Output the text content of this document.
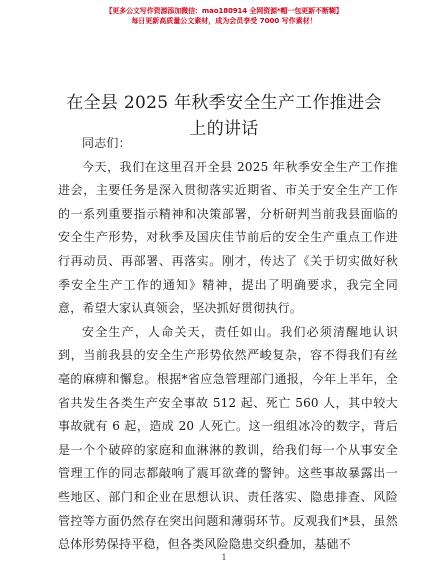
【更多公文写作资源添加微信：mao180914 全网资源*帽一包更新不断糊】
每日更新高质量公文素材，成为会员享受 7000 写作素材！
在全县 2025 年秋季安全生产工作推进会上的讲话

同志们：

今天，我们在这里召开全县 2025 年秋季安全生产工作推进会，主要任务是深入贯彻落实近期省、市关于安全生产工作的一系列重要指示精神和决策部署，分析研判当前我县面临的安全生产形势，对秋季及国庆佳节前后的安全生产重点工作进行再动员、再部署、再落实。刚才，传达了《关于切实做好秋季安全生产工作的通知》精神，提出了明确要求，我完全同意，希望大家认真领会，坚决抓好贯彻执行。

安全生产，人命关天，责任如山。我们必须清醒地认识到，当前我县的安全生产形势依然严峻复杂，容不得我们有丝毫的麻痹和懈怠。根据*省应急管理部门通报，今年上半年，全省共发生各类生产安全事故 512 起、死亡 560 人，其中较大事故就有 6 起，造成 20 人死亡。这一组组冰冷的数字，背后是一个个破碎的家庭和血淋淋的教训，给我们每一个从事安全管理工作的同志都敲响了震耳欲聋的警钟。这些事故暴露出一些地区、部门和企业在思想认识、责任落实、隐患排查、风险管控等方面仍然存在突出问题和薄弱环节。反观我们*县，虽然总体形势保持平稳，但各类风险隐患交织叠加，基础不

1
